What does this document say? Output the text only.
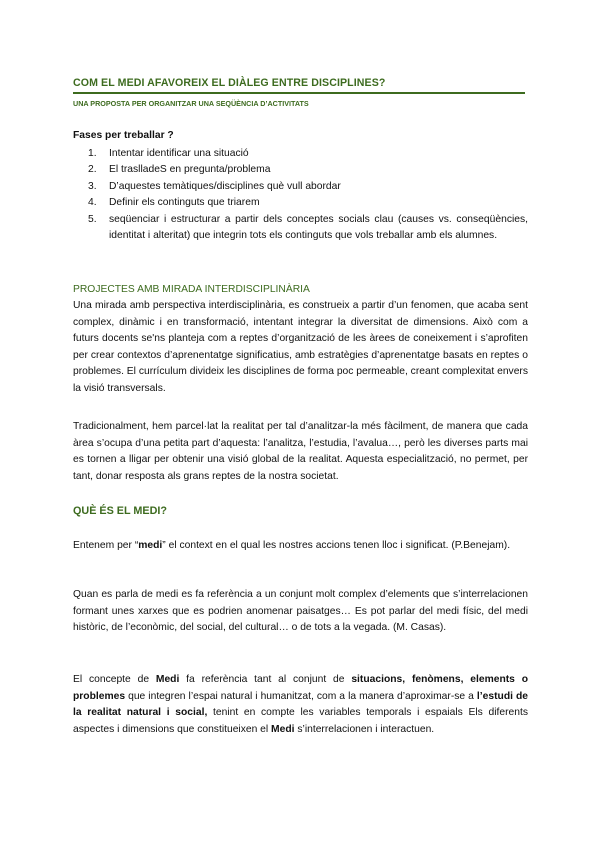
COM EL MEDI AFAVOREIX EL DIÀLEG ENTRE DISCIPLINES?
UNA PROPOSTA PER ORGANITZAR UNA SEQÜÈNCIA D’ACTIVITATS
Fases per treballar ?
1. Intentar identificar una situació
2. El traslladeS en pregunta/problema
3. D’aquestes temàtiques/disciplines què vull abordar
4. Definir els continguts que triarem
5. seqüenciar i estructurar a partir dels conceptes socials clau (causes vs. conseqüències, identitat i alteritat) que integrin tots els continguts que vols treballar amb els alumnes.
PROJECTES AMB MIRADA INTERDISCIPLINÀRIA

Una mirada amb perspectiva interdisciplinària, es construeix a partir d’un fenomen, que acaba sent complex, dinàmic i en transformació, intentant integrar la diversitat de dimensions. Això com a futurs docents se'ns planteja com a reptes d’organització de les àrees de coneixement i s’aprofiten per crear contextos d’aprenentatge significatius, amb estratègies d’aprenentatge basats en reptes o problemes. El currículum divideix les disciplines de forma poc permeable, creant complexitat envers la visió transversals.

Tradicionalment, hem parcel·lat la realitat per tal d’analitzar-la més fàcilment, de manera que cada àrea s’ocupa d’una petita part d’aquesta: l’analitza, l’estudia, l’avalua…, però les diverses parts mai es tornen a lligar per obtenir una visió global de la realitat. Aquesta especialització, no permet, per tant, donar resposta als grans reptes de la nostra societat.

QUÈ ÉS EL MEDI?

Entenem per “medi” el context en el qual les nostres accions tenen lloc i significat. (P.Benejam).

Quan es parla de medi es fa referència a un conjunt molt complex d’elements que s’interrelacionen formant unes xarxes que es podrien anomenar paisatges… Es pot parlar del medi físic, del medi històric, de l’econòmic, del social, del cultural… o de tots a la vegada. (M. Casas).

El concepte de Medi fa referència tant al conjunt de situacions, fenòmens, elements o problemes que integren l’espai natural i humanitzat, com a la manera d’aproximar-se a l’estudi de la realitat natural i social, tenint en compte les variables temporals i espaials Els diferents aspectes i dimensions que constitueixen el Medi s’interrelacionen i interactuen.
